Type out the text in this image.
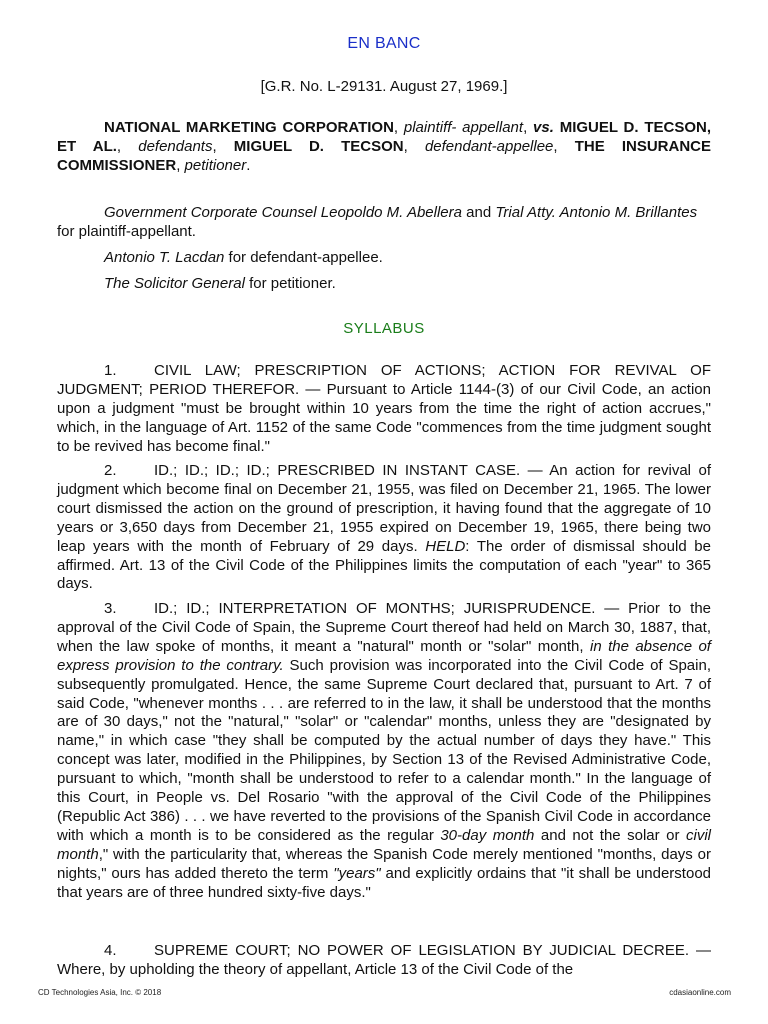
EN BANC
[G.R. No. L-29131. August 27, 1969.]
NATIONAL MARKETING CORPORATION, plaintiff- appellant, vs. MIGUEL D. TECSON, ET AL., defendants, MIGUEL D. TECSON, defendant-appellee, THE INSURANCE COMMISSIONER, petitioner.
Government Corporate Counsel Leopoldo M. Abellera and Trial Atty. Antonio M. Brillantes for plaintiff-appellant.
Antonio T. Lacdan for defendant-appellee.
The Solicitor General for petitioner.
SYLLABUS
1. CIVIL LAW; PRESCRIPTION OF ACTIONS; ACTION FOR REVIVAL OF JUDGMENT; PERIOD THEREFOR. — Pursuant to Article 1144-(3) of our Civil Code, an action upon a judgment "must be brought within 10 years from the time the right of action accrues," which, in the language of Art. 1152 of the same Code "commences from the time judgment sought to be revived has become final."
2. ID.; ID.; ID.; ID.; PRESCRIBED IN INSTANT CASE. — An action for revival of judgment which become final on December 21, 1955, was filed on December 21, 1965. The lower court dismissed the action on the ground of prescription, it having found that the aggregate of 10 years or 3,650 days from December 21, 1955 expired on December 19, 1965, there being two leap years with the month of February of 29 days. HELD: The order of dismissal should be affirmed. Art. 13 of the Civil Code of the Philippines limits the computation of each "year" to 365 days.
3. ID.; ID.; INTERPRETATION OF MONTHS; JURISPRUDENCE. — Prior to the approval of the Civil Code of Spain, the Supreme Court thereof had held on March 30, 1887, that, when the law spoke of months, it meant a "natural" month or "solar" month, in the absence of express provision to the contrary. Such provision was incorporated into the Civil Code of Spain, subsequently promulgated. Hence, the same Supreme Court declared that, pursuant to Art. 7 of said Code, "whenever months . . . are referred to in the law, it shall be understood that the months are of 30 days," not the "natural," "solar" or "calendar" months, unless they are "designated by name," in which case "they shall be computed by the actual number of days they have." This concept was later, modified in the Philippines, by Section 13 of the Revised Administrative Code, pursuant to which, "month shall be understood to refer to a calendar month." In the language of this Court, in People vs. Del Rosario "with the approval of the Civil Code of the Philippines (Republic Act 386) . . . we have reverted to the provisions of the Spanish Civil Code in accordance with which a month is to be considered as the regular 30-day month and not the solar or civil month," with the particularity that, whereas the Spanish Code merely mentioned "months, days or nights," ours has added thereto the term "years" and explicitly ordains that "it shall be understood that years are of three hundred sixty-five days."
4. SUPREME COURT; NO POWER OF LEGISLATION BY JUDICIAL DECREE. — Where, by upholding the theory of appellant, Article 13 of the Civil Code of the
CD Technologies Asia, Inc. © 2018	cdasiaonline.com
